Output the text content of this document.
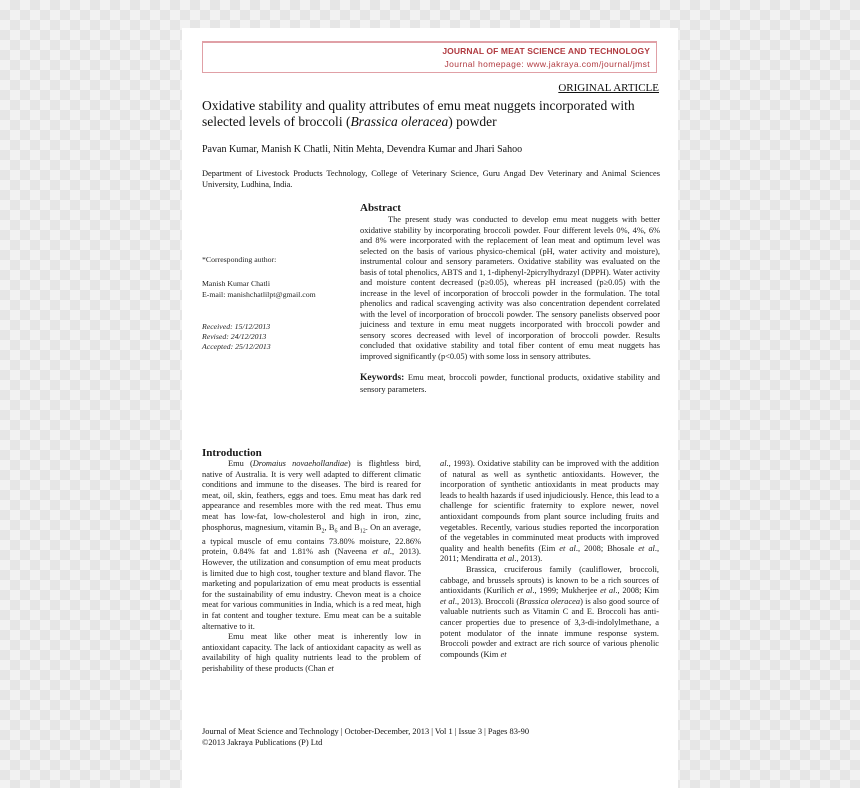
JOURNAL OF MEAT SCIENCE AND TECHNOLOGY
Journal homepage: www.jakraya.com/journal/jmst
ORIGINAL ARTICLE
Oxidative stability and quality attributes of emu meat nuggets incorporated with selected levels of broccoli (Brassica oleracea) powder
Pavan Kumar, Manish K Chatli, Nitin Mehta, Devendra Kumar and Jhari Sahoo
Department of Livestock Products Technology, College of Veterinary Science, Guru Angad Dev Veterinary and Animal Sciences University, Ludhina, India.
*Corresponding author:
Manish Kumar Chatli
E-mail: manishchatlilpt@gmail.com
Received: 15/12/2013
Revised: 24/12/2013
Accepted: 25/12/2013
Abstract

The present study was conducted to develop emu meat nuggets with better oxidative stability by incorporating broccoli powder. Four different levels 0%, 4%, 6% and 8% were incorporated with the replacement of lean meat and optimum level was selected on the basis of various physico-chemical (pH, water activity and moisture), instrumental colour and sensory parameters. Oxidative stability was evaluated on the basis of total phenolics, ABTS and 1, 1-diphenyl-2picrylhydrazyl (DPPH). Water activity and moisture content decreased (p≥0.05), whereas pH increased (p≥0.05) with the increase in the level of incorporation of broccoli powder in the formulation. The total phenolics and radical scavenging activity was also concentration dependent correlated with the level of incorporation of broccoli powder. The sensory panelists observed poor juiciness and texture in emu meat nuggets incorporated with broccoli powder and sensory scores decreased with level of incorporation of broccoli powder. Results concluded that oxidative stability and total fiber content of emu meat nuggets has improved significantly (p<0.05) with some loss in sensory attributes.

Keywords: Emu meat, broccoli powder, functional products, oxidative stability and sensory parameters.
Introduction

Emu (Dromaius novaehollandiae) is flightless bird, native of Australia. It is very well adapted to different climatic conditions and immune to the diseases. The bird is reared for meat, oil, skin, feathers, eggs and toes. Emu meat has dark red appearance and resembles more with the red meat. Thus emu meat has low-fat, low-cholesterol and high in iron, zinc, phosphorus, magnesium, vitamin $B_2$, $B_6$ and $B_{12}$. On an average, a typical muscle of emu contains 73.80% moisture, 22.86% protein, 0.84% fat and 1.81% ash (Naveena et al., 2013). However, the utilization and consumption of emu meat products is limited due to high cost, tougher texture and bland flavor. The marketing and popularization of emu meat products is essential for the sustainability of emu industry. Chevon meat is a choice meat for various communities in India, which is a red meat, high in fat content and tougher texture. Emu meat can be a suitable alternative to it.

Emu meat like other meat is inherently low in antioxidant capacity. The lack of antioxidant capacity as well as availability of high quality nutrients lead to the problem of perishability of these products (Chan et

al., 1993). Oxidative stability can be improved with the addition of natural as well as synthetic antioxidants. However, the incorporation of synthetic antioxidants in meat products may leads to health hazards if used injudiciously. Hence, this lead to a challenge for scientific fraternity to explore newer, novel antioxidant compounds from plant source including fruits and vegetables. Recently, various studies reported the incorporation of the vegetables in comminuted meat products with improved quality and health benefits (Eim et al., 2008; Bhosale et al., 2011; Mendiratta et al., 2013).

Brassica, cruciferous family (cauliflower, broccoli, cabbage, and brussels sprouts) is known to be a rich sources of antioxidants (Kurilich et al., 1999; Mukherjee et al., 2008; Kim et al., 2013). Broccoli (Brassica oleracea) is also good source of valuable nutrients such as Vitamin C and E. Broccoli has anti-cancer properties due to presence of 3,3-di-indolylmethane, a potent modulator of the innate immune response system. Broccoli powder and extract are rich source of various phenolic compounds (Kim et

Journal of Meat Science and Technology | October-December, 2013 | Vol 1 | Issue 3 | Pages 83-90
©2013 Jakraya Publications (P) Ltd
